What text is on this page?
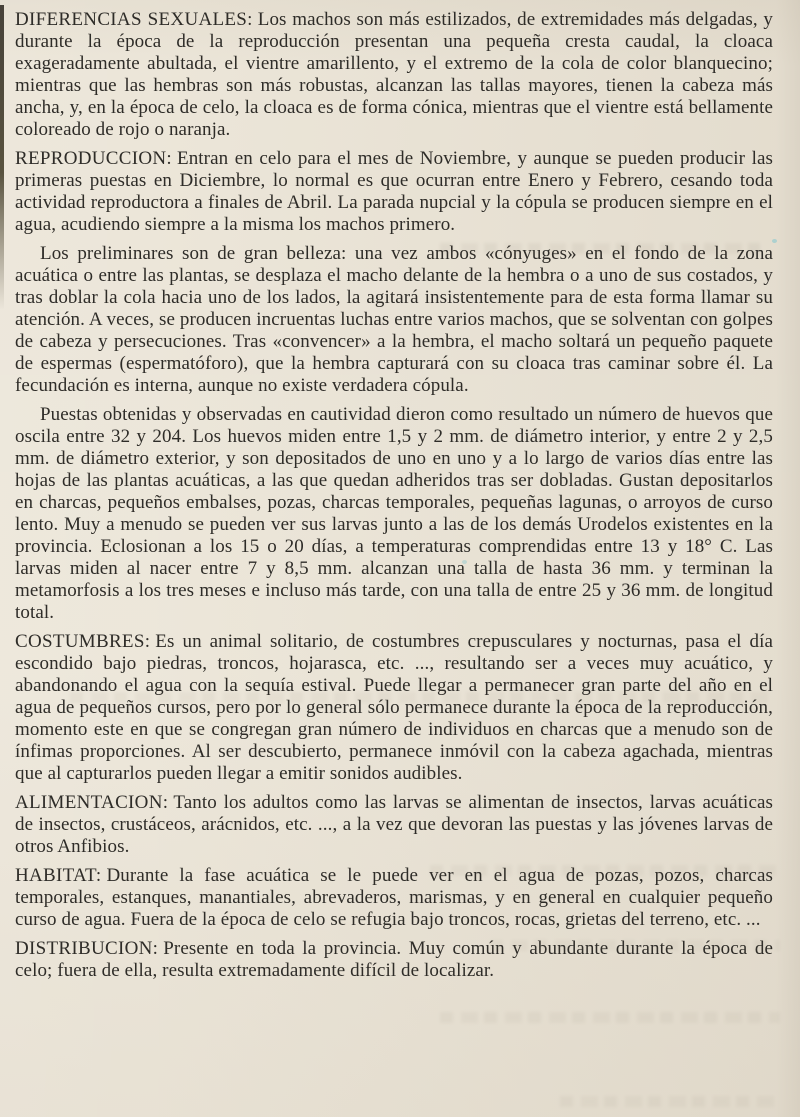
DIFERENCIAS SEXUALES: Los machos son más estilizados, de extremidades más delgadas, y durante la época de la reproducción presentan una pequeña cresta caudal, la cloaca exageradamente abultada, el vientre amarillento, y el extremo de la cola de color blanquecino; mientras que las hembras son más robustas, alcanzan las tallas mayores, tienen la cabeza más ancha, y, en la época de celo, la cloaca es de forma cónica, mientras que el vientre está bellamente coloreado de rojo o naranja.

REPRODUCCION: Entran en celo para el mes de Noviembre, y aunque se pueden producir las primeras puestas en Diciembre, lo normal es que ocurran entre Enero y Febrero, cesando toda actividad reproductora a finales de Abril. La parada nupcial y la cópula se producen siempre en el agua, acudiendo siempre a la misma los machos primero.

Los preliminares son de gran belleza: una vez ambos «cónyuges» en el fondo de la zona acuática o entre las plantas, se desplaza el macho delante de la hembra o a uno de sus costados, y tras doblar la cola hacia uno de los lados, la agitará insistentemente para de esta forma llamar su atención. A veces, se producen incruentas luchas entre varios machos, que se solventan con golpes de cabeza y persecuciones. Tras «convencer» a la hembra, el macho soltará un pequeño paquete de espermas (espermatóforo), que la hembra capturará con su cloaca tras caminar sobre él. La fecundación es interna, aunque no existe verdadera cópula.

Puestas obtenidas y observadas en cautividad dieron como resultado un número de huevos que oscila entre 32 y 204. Los huevos miden entre 1,5 y 2 mm. de diámetro interior, y entre 2 y 2,5 mm. de diámetro exterior, y son depositados de uno en uno y a lo largo de varios días entre las hojas de las plantas acuáticas, a las que quedan adheridos tras ser dobladas. Gustan depositarlos en charcas, pequeños embalses, pozas, charcas temporales, pequeñas lagunas, o arroyos de curso lento. Muy a menudo se pueden ver sus larvas junto a las de los demás Urodelos existentes en la provincia. Eclosionan a los 15 o 20 días, a temperaturas comprendidas entre 13 y 18° C. Las larvas miden al nacer entre 7 y 8,5 mm. alcanzan una talla de hasta 36 mm. y terminan la metamorfosis a los tres meses e incluso más tarde, con una talla de entre 25 y 36 mm. de longitud total.

COSTUMBRES: Es un animal solitario, de costumbres crepusculares y nocturnas, pasa el día escondido bajo piedras, troncos, hojarasca, etc. ..., resultando ser a veces muy acuático, y abandonando el agua con la sequía estival. Puede llegar a permanecer gran parte del año en el agua de pequeños cursos, pero por lo general sólo permanece durante la época de la reproducción, momento este en que se congregan gran número de individuos en charcas que a menudo son de ínfimas proporciones. Al ser descubierto, permanece inmóvil con la cabeza agachada, mientras que al capturarlos pueden llegar a emitir sonidos audibles.

ALIMENTACION: Tanto los adultos como las larvas se alimentan de insectos, larvas acuáticas de insectos, crustáceos, arácnidos, etc. ..., a la vez que devoran las puestas y las jóvenes larvas de otros Anfibios.

HABITAT: Durante la fase acuática se le puede ver en el agua de pozas, pozos, charcas temporales, estanques, manantiales, abrevaderos, marismas, y en general en cualquier pequeño curso de agua. Fuera de la época de celo se refugia bajo troncos, rocas, grietas del terreno, etc. ...

DISTRIBUCION: Presente en toda la provincia. Muy común y abundante durante la época de celo; fuera de ella, resulta extremadamente difícil de localizar.
